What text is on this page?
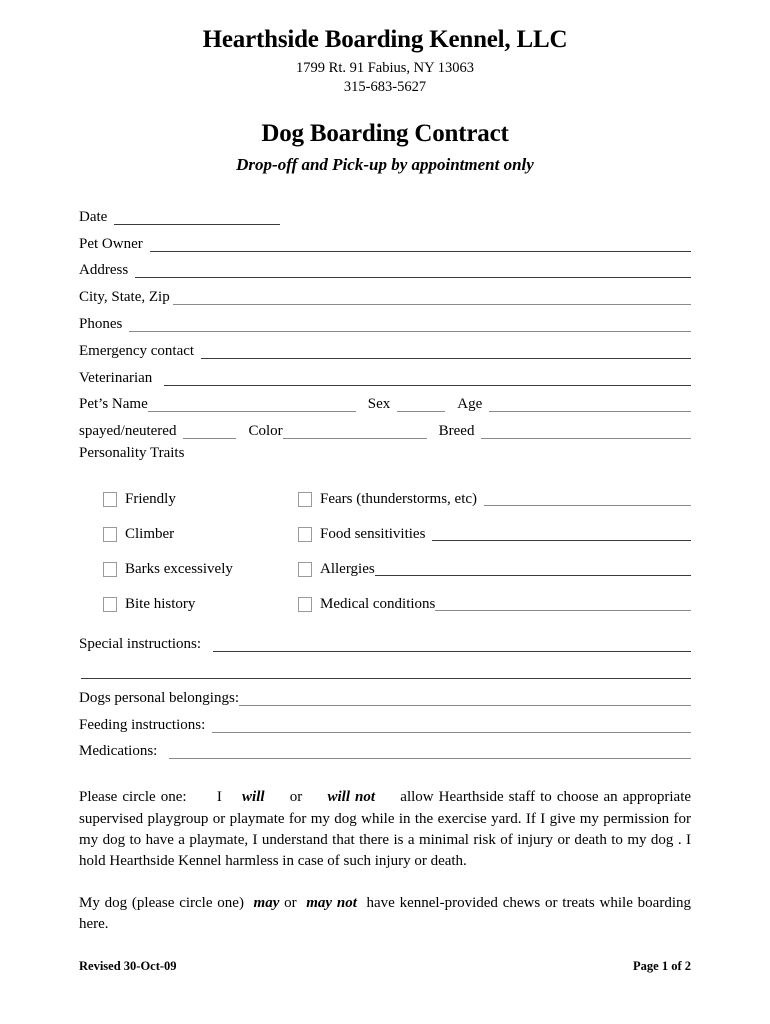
Hearthside Boarding Kennel, LLC
1799 Rt. 91 Fabius, NY 13063
315-683-5627
Dog Boarding Contract
Drop-off and Pick-up by appointment only
Date
Pet Owner
Address
City, State, Zip
Phones
Emergency contact
Veterinarian
Pet’s Name	Sex	Age
spayed/neutered	Color	Breed
Personality Traits
Friendly	Fears (thunderstorms, etc)
Climber	Food sensitivities
Barks excessively	Allergies
Bite history	Medical conditions
Special instructions:
Dogs personal belongings:
Feeding instructions:
Medications:
Please circle one: I will or will not allow Hearthside staff to choose an appropriate supervised playgroup or playmate for my dog while in the exercise yard. If I give my permission for my dog to have a playmate, I understand that there is a minimal risk of injury or death to my dog . I hold Hearthside Kennel harmless in case of such injury or death.
My dog (please circle one) may or may not have kennel-provided chews or treats while boarding here.
Revised 30-Oct-09	Page 1 of 2
